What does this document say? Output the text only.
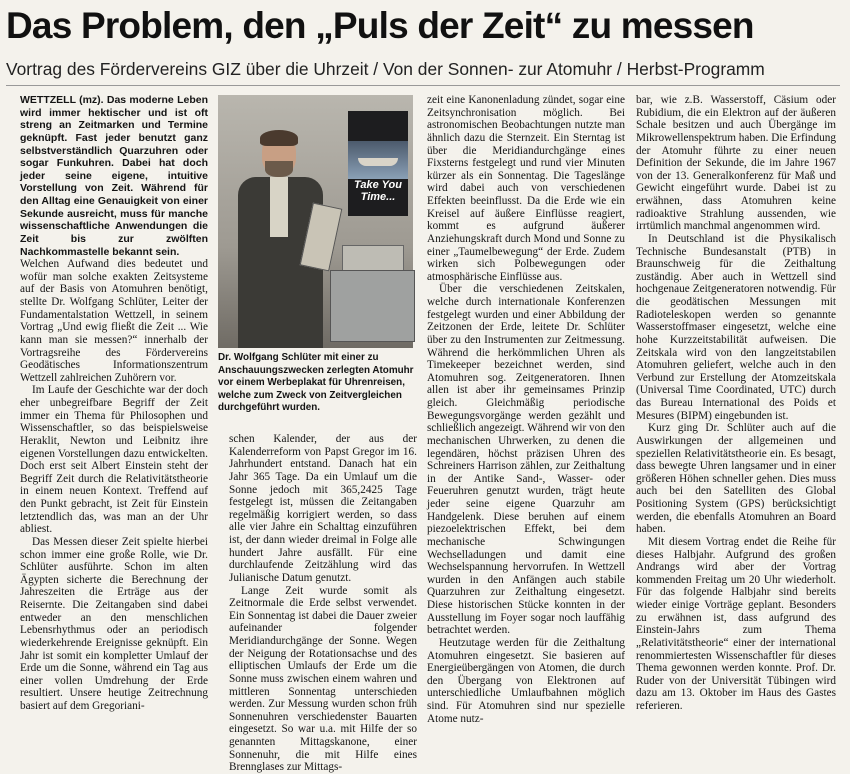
Das Problem, den „Puls der Zeit“ zu messen
Vortrag des Fördervereins GIZ über die Uhrzeit / Von der Sonnen- zur Atomuhr / Herbst-Programm

WETTZELL (mz). Das moderne Leben wird immer hektischer und ist oft streng an Zeitmarken und Termine geknüpft. Fast jeder benutzt ganz selbstverständlich Quarzuhren oder sogar Funkuhren. Dabei hat doch jeder seine eigene, intuitive Vorstellung von Zeit. Während für den Alltag eine Genauigkeit von einer Sekunde ausreicht, muss für manche wissenschaftliche Anwendungen die Zeit bis zur zwölften Nachkommastelle bekannt sein.

Welchen Aufwand dies bedeutet und wofür man solche exakten Zeitsysteme auf der Basis von Atomuhren benötigt, stellte Dr. Wolfgang Schlüter, Leiter der Fundamentalstation Wettzell, in seinem Vortrag „Und ewig fließt die Zeit ... Wie kann man sie messen?“ innerhalb der Vortragsreihe des Fördervereins Geodätisches Informationszentrum Wettzell zahlreichen Zuhörern vor.

Im Laufe der Geschichte war der doch eher unbegreifbare Begriff der Zeit immer ein Thema für Philosophen und Wissenschaftler, so das beispielsweise Heraklit, Newton und Leibnitz ihre eigenen Vorstellungen dazu entwickelten. Doch erst seit Albert Einstein steht der Begriff Zeit durch die Relativitätstheorie in einem neuen Kontext. Treffend auf den Punkt gebracht, ist Zeit für Einstein letztendlich das, was man an der Uhr abliest.

Das Messen dieser Zeit spielte hierbei schon immer eine große Rolle, wie Dr. Schlüter ausführte. Schon im alten Ägypten sicherte die Berechnung der Jahreszeiten die Erträge aus der Reisernte. Die Zeitangaben sind dabei entweder an den menschlichen Lebensrhythmus oder an periodisch wiederkehrende Ereignisse geknüpft. Ein Jahr ist somit ein kompletter Umlauf der Erde um die Sonne, während ein Tag aus einer vollen Umdrehung der Erde resultiert. Unsere heutige Zeitrechnung basiert auf dem Gregoriani-

Take You Time...
Dr. Wolfgang Schlüter mit einer zu Anschauungszwecken zerlegten Atomuhr vor einem Werbeplakat für Uhrenreisen, welche zum Zweck von Zeitvergleichen durchgeführt wurden.

schen Kalender, der aus der Kalenderreform von Papst Gregor im 16. Jahrhundert entstand. Danach hat ein Jahr 365 Tage. Da ein Umlauf um die Sonne jedoch mit 365,2425 Tage festgelegt ist, müssen die Zeitangaben regelmäßig korrigiert werden, so dass alle vier Jahre ein Schalttag einzuführen ist, der dann wieder dreimal in Folge alle hundert Jahre ausfällt. Für eine durchlaufende Zeitzählung wird das Julianische Datum genutzt.

Lange Zeit wurde somit als Zeitnormale die Erde selbst verwendet. Ein Sonnentag ist dabei die Dauer zweier aufeinander folgender Meridiandurchgänge der Sonne. Wegen der Neigung der Rotationsachse und des elliptischen Umlaufs der Erde um die Sonne muss zwischen einem wahren und mittleren Sonnentag unterschieden werden. Zur Messung wurden schon früh Sonnenuhren verschiedenster Bauarten eingesetzt. So war u.a. mit Hilfe der so genannten Mittagskanone, einer Sonnenuhr, die mit Hilfe eines Brennglases zur Mittags-

zeit eine Kanonenladung zündet, sogar eine Zeitsynchronisation möglich. Bei astronomischen Beobachtungen nutzte man ähnlich dazu die Sternzeit. Ein Sterntag ist über die Meridiandurchgänge eines Fixsterns festgelegt und rund vier Minuten kürzer als ein Sonnentag. Die Tageslänge wird dabei auch von verschiedenen Effekten beeinflusst. Da die Erde wie ein Kreisel auf äußere Einflüsse reagiert, kommt es aufgrund äußerer Anziehungskraft durch Mond und Sonne zu einer „Taumelbewegung“ der Erde. Zudem wirken sich Polbewegungen oder atmosphärische Einflüsse aus.

Über die verschiedenen Zeitskalen, welche durch internationale Konferenzen festgelegt wurden und einer Abbildung der Zeitzonen der Erde, leitete Dr. Schlüter über zu den Instrumenten zur Zeitmessung. Während die herkömmlichen Uhren als Timekeeper bezeichnet werden, sind Atomuhren sog. Zeitgeneratoren. Ihnen allen ist aber ihr gemeinsames Prinzip gleich. Gleichmäßig periodische Bewegungsvorgänge werden gezählt und schließlich angezeigt. Während wir von den mechanischen Uhrwerken, zu denen die legendären, höchst präzisen Uhren des Schreiners Harrison zählen, zur Zeithaltung in der Antike Sand-, Wasser- oder Feueruhren genutzt wurden, trägt heute jeder seine eigene Quarzuhr am Handgelenk. Diese beruhen auf einem piezoelektrischen Effekt, bei dem mechanische Schwingungen Wechselladungen und damit eine Wechselspannung hervorrufen. In Wettzell wurden in den Anfängen auch stabile Quarzuhren zur Zeithaltung eingesetzt. Diese historischen Stücke konnten in der Ausstellung im Foyer sogar noch lauffähig betrachtet werden.

Heutzutage werden für die Zeithaltung Atomuhren eingesetzt. Sie basieren auf Energieübergängen von Atomen, die durch den Übergang von Elektronen auf unterschiedliche Umlaufbahnen möglich sind. Für Atomuhren sind nur spezielle Atome nutz-

bar, wie z.B. Wasserstoff, Cäsium oder Rubidium, die ein Elektron auf der äußeren Schale besitzen und auch Übergänge im Mikrowellenspektrum haben. Die Erfindung der Atomuhr führte zu einer neuen Definition der Sekunde, die im Jahre 1967 von der 13. Generalkonferenz für Maß und Gewicht eingeführt wurde. Dabei ist zu erwähnen, dass Atomuhren keine radioaktive Strahlung aussenden, wie irrtümlich manchmal angenommen wird.

In Deutschland ist die Physikalisch Technische Bundesanstalt (PTB) in Braunschweig für die Zeithaltung zuständig. Aber auch in Wettzell sind hochgenaue Zeitgeneratoren notwendig. Für die geodätischen Messungen mit Radioteleskopen werden so genannte Wasserstoffmaser eingesetzt, welche eine hohe Kurzzeitstabilität aufweisen. Die Zeitskala wird von den langzeitstabilen Atomuhren geliefert, welche auch in den Verbund zur Erstellung der Atomzeitskala (Universal Time Coordinated, UTC) durch das Bureau International des Poids et Mesures (BIPM) eingebunden ist.

Kurz ging Dr. Schlüter auch auf die Auswirkungen der allgemeinen und speziellen Relativitätstheorie ein. Es besagt, dass bewegte Uhren langsamer und in einer größeren Höhen schneller gehen. Dies muss auch bei den Satelliten des Global Positioning System (GPS) berücksichtigt werden, die ebenfalls Atomuhren an Board haben.

Mit diesem Vortrag endet die Reihe für dieses Halbjahr. Aufgrund des großen Andrangs wird aber der Vortrag kommenden Freitag um 20 Uhr wiederholt. Für das folgende Halbjahr sind bereits wieder einige Vorträge geplant. Besonders zu erwähnen ist, dass aufgrund des Einstein-Jahrs zum Thema „Relativitätstheorie“ einer der international renommiertesten Wissenschaftler für dieses Thema gewonnen werden konnte. Prof. Dr. Ruder von der Universität Tübingen wird dazu am 13. Oktober im Haus des Gastes referieren.
